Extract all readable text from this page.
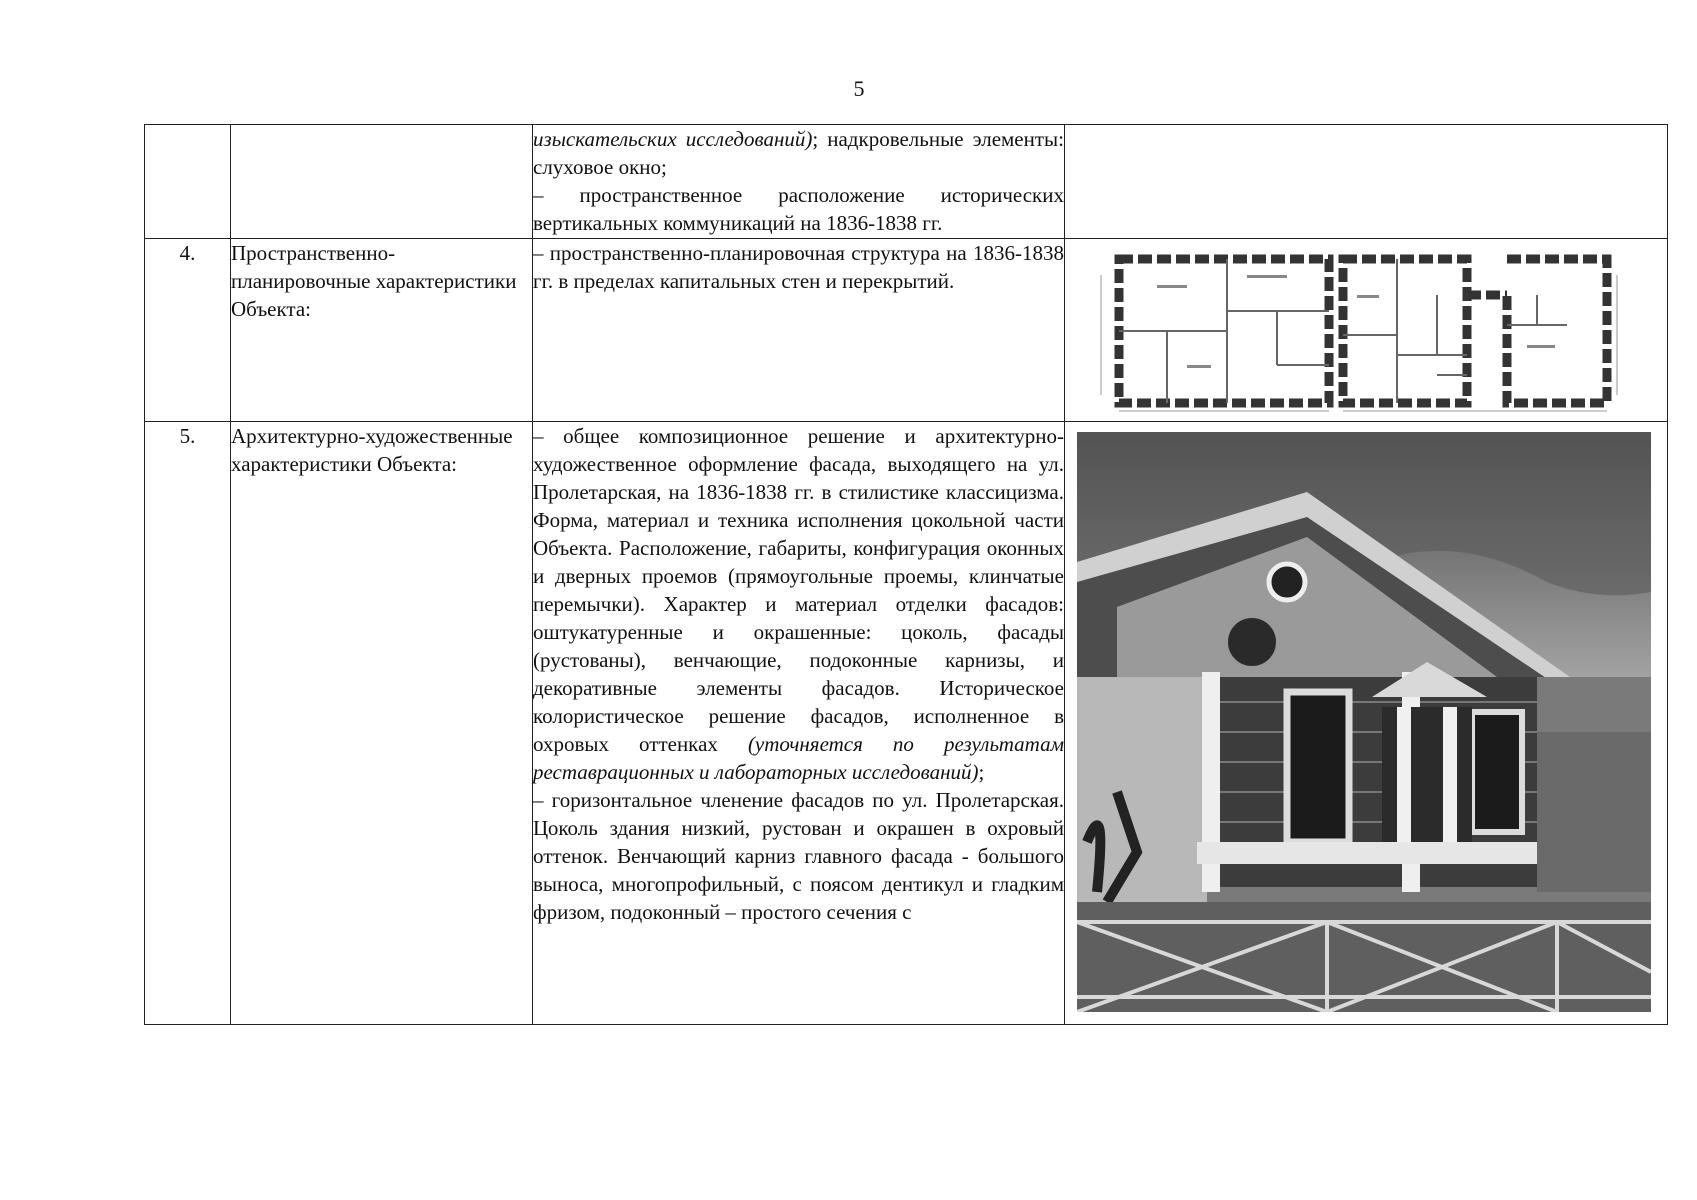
5

		изыскательских исследований); надкровельные элементы: слуховое окно;

– пространственное расположение исторических вертикальных коммуникаций на 1836-1838 гг.	

4.	Пространственно-планировочные характеристики Объекта:	– пространственно-планировочная структура на 1836-1838 гг. в пределах капитальных стен и перекрытий.

5.	Архитектурно-художественные характеристики Объекта:	– общее композиционное решение и архитектурно-художественное оформление фасада, выходящего на ул. Пролетарская, на 1836-1838 гг. в стилистике классицизма. Форма, материал и техника исполнения цокольной части Объекта. Расположение, габариты, конфигурация оконных и дверных проемов (прямоугольные проемы, клинчатые перемычки). Характер и материал отделки фасадов: оштукатуренные и окрашенные: цоколь, фасады (рустованы), венчающие, подоконные карнизы, и декоративные элементы фасадов. Историческое колористическое решение фасадов, исполненное в охровых оттенках (уточняется по результатам реставрационных и лабораторных исследований);

– горизонтальное членение фасадов по ул. Пролетарская. Цоколь здания низкий, рустован и окрашен в охровый оттенок. Венчающий карниз главного фасада - большого выноса, многопрофильный, с поясом дентикул и гладким фризом, подоконный – простого сечения с
